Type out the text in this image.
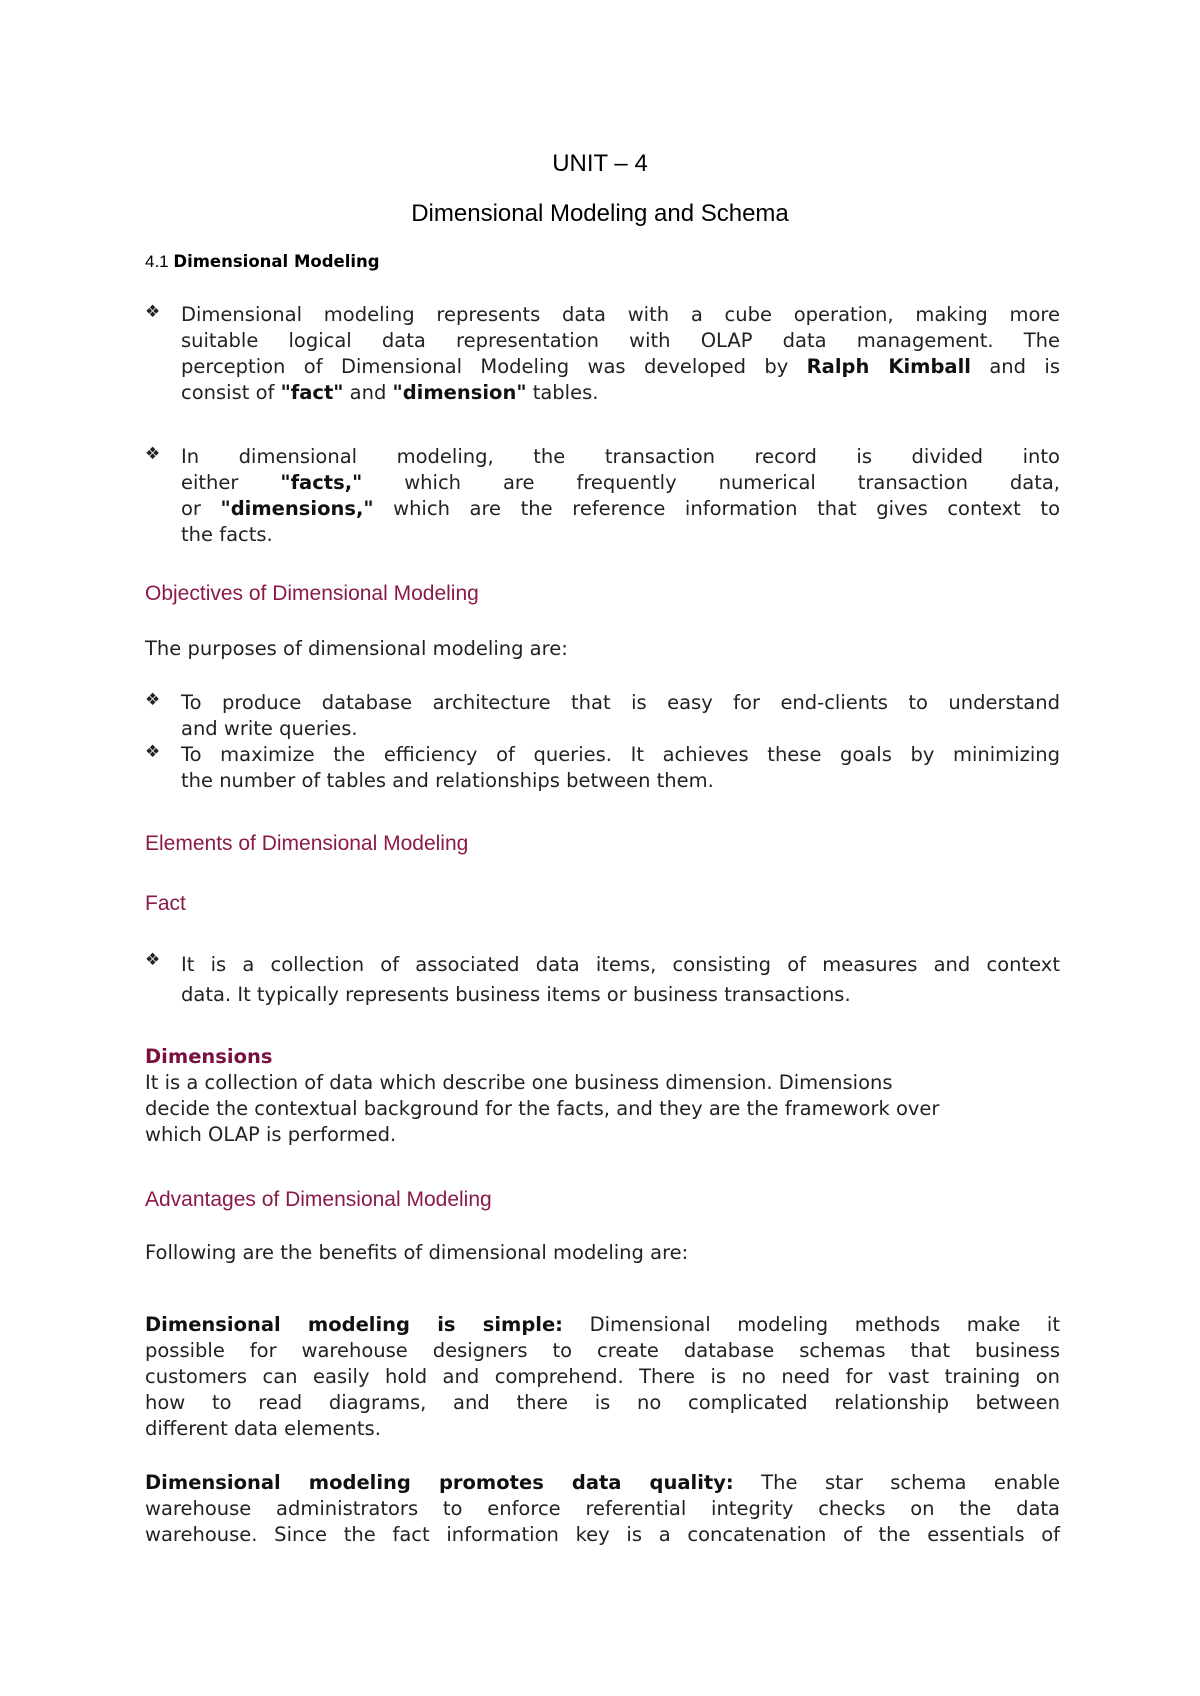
UNIT – 4
Dimensional Modeling and Schema
4.1 Dimensional Modeling
❖ Dimensional modeling represents data with a cube operation, making more
suitable logical data representation with OLAP data management. The
perception of Dimensional Modeling was developed by Ralph Kimball and is
consist of "fact" and "dimension" tables.
❖ In dimensional modeling, the transaction record is divided into
either "facts," which are frequently numerical transaction data,
or "dimensions," which are the reference information that gives context to
the facts.
Objectives of Dimensional Modeling
The purposes of dimensional modeling are:
❖ To produce database architecture that is easy for end-clients to understand
and write queries.
❖ To maximize the efficiency of queries. It achieves these goals by minimizing
the number of tables and relationships between them.
Elements of Dimensional Modeling
Fact
❖ It is a collection of associated data items, consisting of measures and context
data. It typically represents business items or business transactions.
Dimensions
It is a collection of data which describe one business dimension. Dimensions
decide the contextual background for the facts, and they are the framework over
which OLAP is performed.
Advantages of Dimensional Modeling
Following are the benefits of dimensional modeling are:
Dimensional modeling is simple: Dimensional modeling methods make it
possible for warehouse designers to create database schemas that business
customers can easily hold and comprehend. There is no need for vast training on
how to read diagrams, and there is no complicated relationship between
different data elements.
Dimensional modeling promotes data quality: The star schema enable
warehouse administrators to enforce referential integrity checks on the data
warehouse. Since the fact information key is a concatenation of the essentials of
